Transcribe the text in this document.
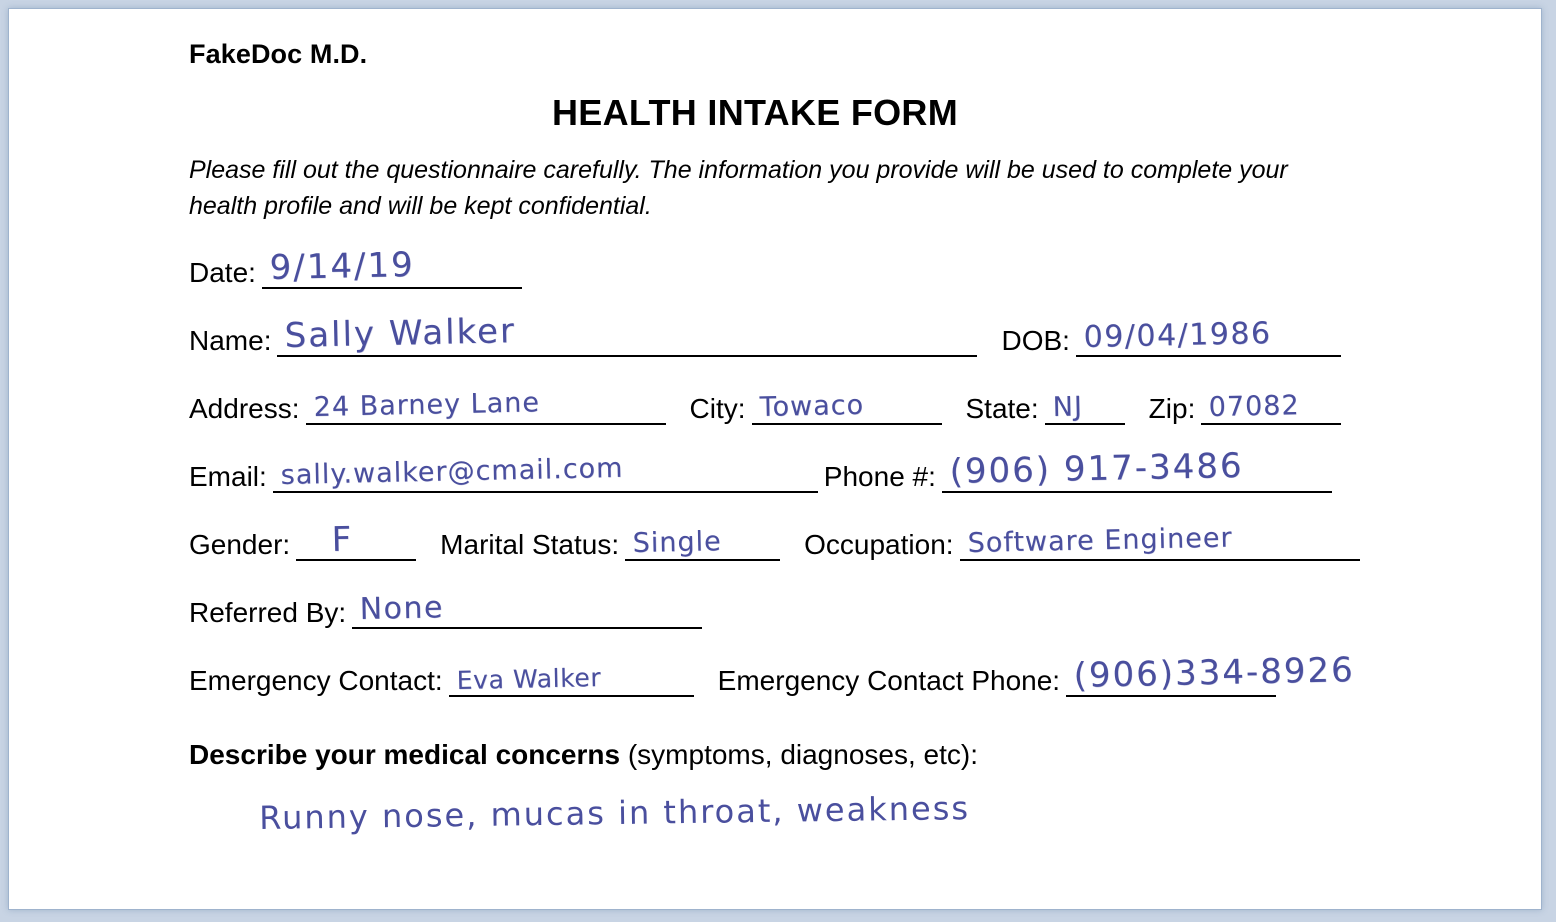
FakeDoc M.D.
HEALTH INTAKE FORM
Please fill out the questionnaire carefully. The information you provide will be used to complete your health profile and will be kept confidential.
Date: 9/14/19
Name: Sally Walker	DOB: 09/04/1986
Address: 24 Barney Lane	City: Towaco	State: NJ Zip: 07082
Email: sally.walker@cmail.com	Phone #: (906) 917-3486
Gender: F	Marital Status: Single	Occupation: Software Engineer
Referred By: None
Emergency Contact: Eva Walker	Emergency Contact Phone: (906)334-8926
Describe your medical concerns (symptoms, diagnoses, etc):
Runny nose, mucas in throat, weakness
